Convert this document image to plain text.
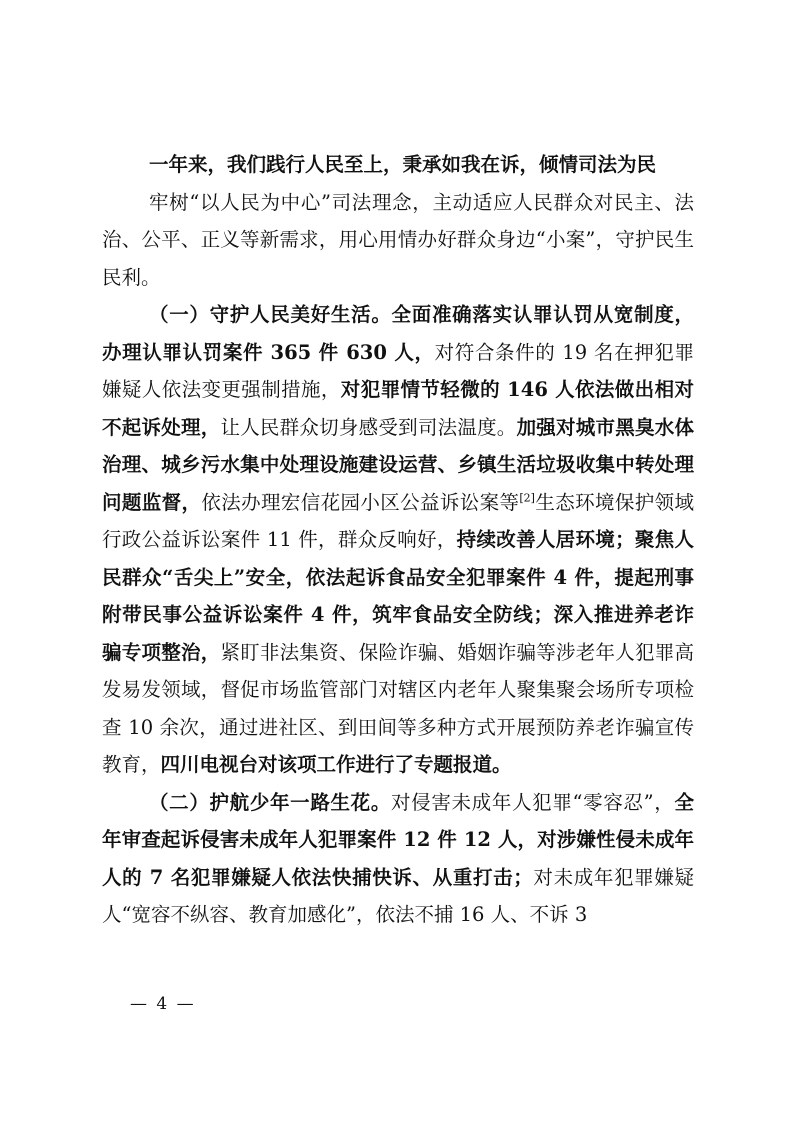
一年来，我们践行人民至上，秉承如我在诉，倾情司法为民

牢树“以人民为中心”司法理念，主动适应人民群众对民主、法治、公平、正义等新需求，用心用情办好群众身边“小案”，守护民生民利。

（一）守护人民美好生活。全面准确落实认罪认罚从宽制度，办理认罪认罚案件 365 件 630 人，对符合条件的 19 名在押犯罪嫌疑人依法变更强制措施，对犯罪情节轻微的 146 人依法做出相对不起诉处理，让人民群众切身感受到司法温度。加强对城市黑臭水体治理、城乡污水集中处理设施建设运营、乡镇生活垃圾收集中转处理问题监督，依法办理宏信花园小区公益诉讼案等[2]生态环境保护领域行政公益诉讼案件 11 件，群众反响好，持续改善人居环境；聚焦人民群众“舌尖上”安全，依法起诉食品安全犯罪案件 4 件，提起刑事附带民事公益诉讼案件 4 件，筑牢食品安全防线；深入推进养老诈骗专项整治，紧盯非法集资、保险诈骗、婚姻诈骗等涉老年人犯罪高发易发领域，督促市场监管部门对辖区内老年人聚集聚会场所专项检查 10 余次，通过进社区、到田间等多种方式开展预防养老诈骗宣传教育，四川电视台对该项工作进行了专题报道。

（二）护航少年一路生花。对侵害未成年人犯罪“零容忍”，全年审查起诉侵害未成年人犯罪案件 12 件 12 人，对涉嫌性侵未成年人的 7 名犯罪嫌疑人依法快捕快诉、从重打击；对未成年犯罪嫌疑人“宽容不纵容、教育加感化”，依法不捕 16 人、不诉 3

— 4 —
